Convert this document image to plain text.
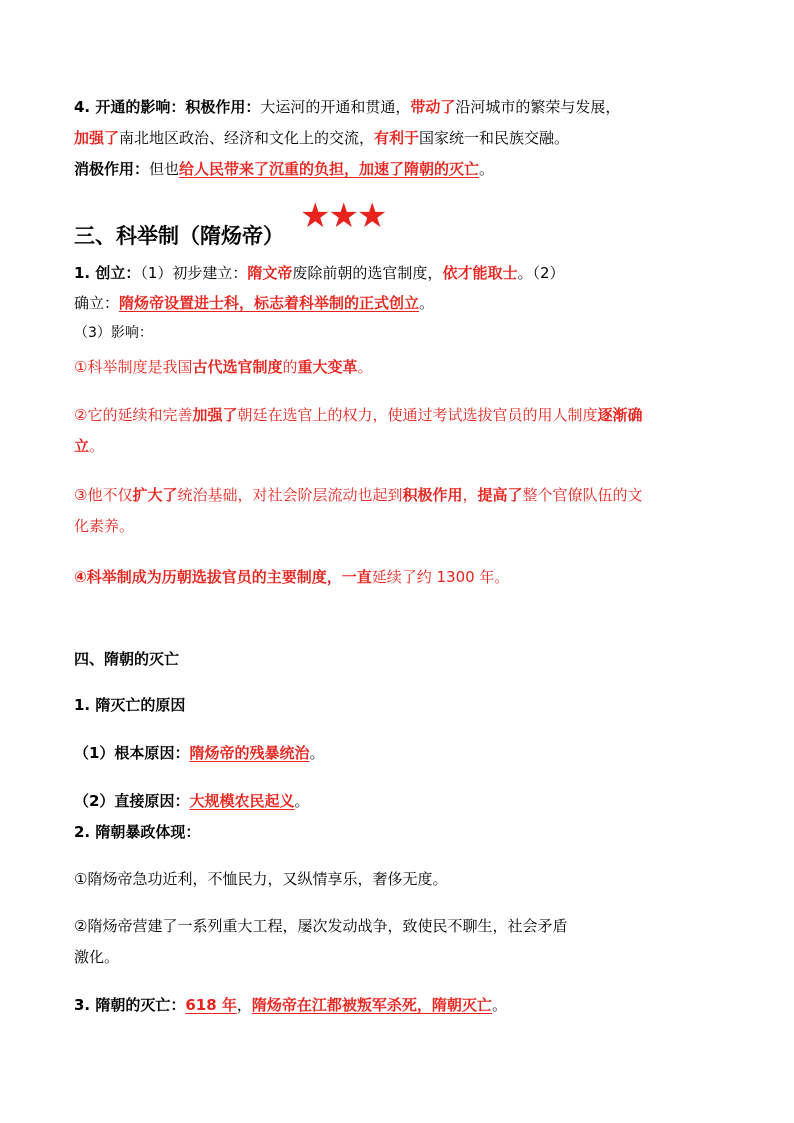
4. 开通的影响：积极作用：大运河的开通和贯通，带动了沿河城市的繁荣与发展，
加强了南北地区政治、经济和文化上的交流，有利于国家统一和民族交融。
消极作用：但也给人民带来了沉重的负担，加速了隋朝的灭亡。
三、科举制（隋炀帝） ★★★
1. 创立：（1）初步建立：隋文帝废除前朝的选官制度，依才能取士。（2）
确立：隋炀帝设置进士科，标志着科举制的正式创立。
（3）影响：
①科举制度是我国古代选官制度的重大变革。
②它的延续和完善加强了朝廷在选官上的权力，使通过考试选拔官员的用人制度逐渐确
立。
③他不仅扩大了统治基础，对社会阶层流动也起到积极作用，提高了整个官僚队伍的文
化素养。
④科举制成为历朝选拔官员的主要制度，一直延续了约 1300 年。
四、隋朝的灭亡
1. 隋灭亡的原因
（1）根本原因：隋炀帝的残暴统治。
（2）直接原因：大规模农民起义。
2. 隋朝暴政体现：
①隋炀帝急功近利，不恤民力，又纵情享乐，奢侈无度。
②隋炀帝营建了一系列重大工程，屡次发动战争，致使民不聊生，社会矛盾
激化。
3. 隋朝的灭亡：618 年，隋炀帝在江都被叛军杀死，隋朝灭亡。
